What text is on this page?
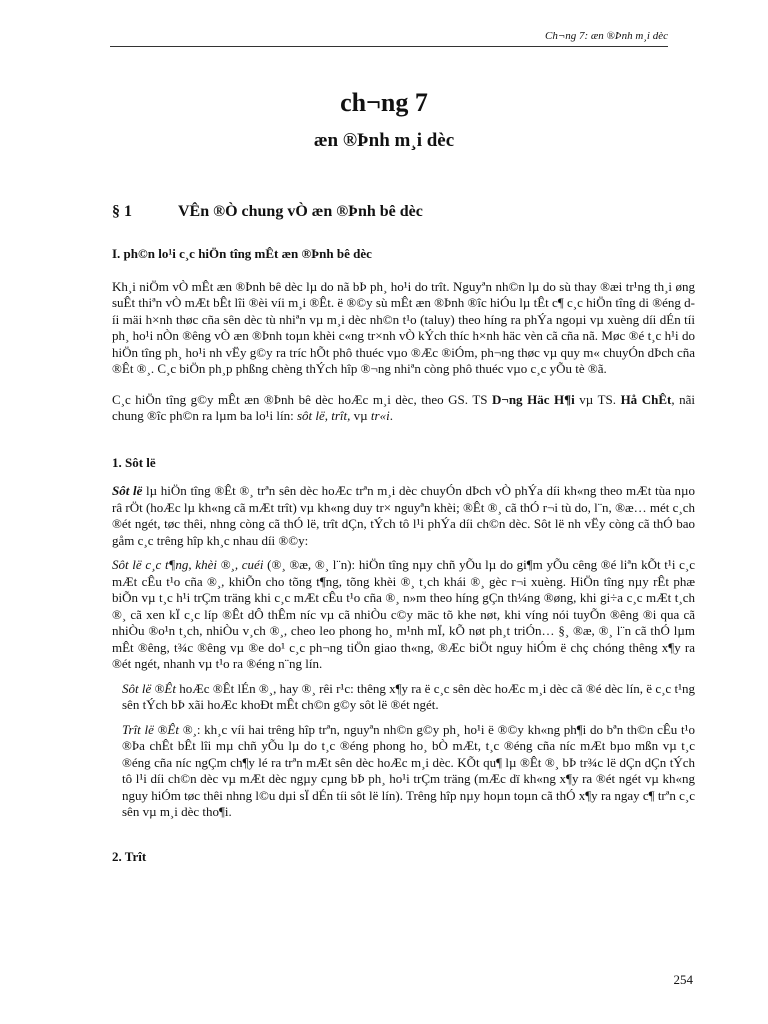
Ch¬ng 7: æn ®Þnh m¸i dèc
ch¬ng 7
æn ®Þnh m¸i dèc
§ 1	VÊn ®Ò chung vÒ æn ®Þnh bê dèc
I. ph©n lo¹i c¸c hiÖn tîng mÊt æn ®Þnh bê dèc

Kh¸i niÖm vÒ mÊt æn ®Þnh bê dèc lµ do nã bÞ ph¸ ho¹i do trît. Nguyªn nh©n lµ do sù thay ®æi tr¹ng th¸i øng suÊt thiªn vÒ mÆt bÊt lîi ®èi víi m¸i ®Êt. ë ®©y sù mÊt æn ®Þnh ®îc hiÓu lµ tÊt c¶ c¸c hiÖn tîng di ®éng díi mäi h×nh thøc cña sên dèc tù nhiªn vµ m¸i dèc nh©n t¹o (taluy) theo híng ra phÝa ngoµi vµ xuèng díi dÉn tíi ph¸ ho¹i nÒn ®êng vÒ æn ®Þnh toµn khèi c«ng tr×nh vÒ kÝch thíc h×nh häc vèn cã cña nã. Møc ®é t¸c h¹i do hiÖn tîng ph¸ ho¹i nh vËy g©y ra tríc hÕt phô thuéc vµo ®Æc ®iÓm, ph¬ng thøc vµ quy m« chuyÓn dÞch cña ®Êt ®¸. C¸c biÖn ph¸p phßng chèng thÝch hîp ®¬ng nhiªn còng phô thuéc vµo c¸c yÕu tè ®ã.

C¸c hiÖn tîng g©y mÊt æn ®Þnh bê dèc hoÆc m¸i dèc, theo GS. TS D¬ng Häc H¶i vµ TS. Hå ChÊt, nãi chung ®îc ph©n ra lµm ba lo¹i lín: sôt lë, trît, vµ tr«i.

1. Sôt lë

Sôt lë lµ hiÖn tîng ®Êt ®¸ trªn sên dèc hoÆc trªn m¸i dèc chuyÓn dÞch vÒ phÝa díi kh«ng theo mÆt tùa nµo râ rÖt (hoÆc lµ kh«ng cã mÆt trît) vµ kh«ng duy tr× nguyªn khèi; ®Êt ®¸ cã thÓ r¬i tù do, l¨n, ®æ… mét c¸ch ®ét ngét, tøc thêi, nhng còng cã thÓ lë, trît dÇn, tÝch tô l¹i phÝa díi ch©n dèc. Sôt lë nh vËy còng cã thÓ bao gåm c¸c trêng hîp kh¸c nhau díi ®©y:

Sôt lë c¸c t¶ng, khèi ®¸, cuéi (®¸ ®æ, ®¸ l¨n): hiÖn tîng nµy chñ yÕu lµ do gi¶m yÕu cêng ®é liªn kÕt t¹i c¸c mÆt cÊu t¹o cña ®¸, khiÕn cho tõng t¶ng, tõng khèi ®¸ t¸ch khái ®¸ gèc r¬i xuèng. HiÖn tîng nµy rÊt phæ biÕn vµ t¸c h¹i trÇm träng khi c¸c mÆt cÊu t¹o cña ®¸ n»m theo híng gÇn th¼ng ®øng, khi gi÷a c¸c mÆt t¸ch ®¸ cã xen kÏ c¸c líp ®Êt dÔ thÊm níc vµ cã nhiÒu c©y mäc tõ khe nøt, khi víng nói tuyÕn ®êng ®i qua cã nhiÒu ®o¹n t¸ch, nhiÒu v¸ch ®¸, cheo leo phong ho¸ m¹nh mÏ, kÕ nøt ph¸t triÓn… §¸ ®æ, ®¸ l¨n cã thÓ lµm mÊt ®êng, t¾c ®êng vµ ®e do¹ c¸c ph¬ng tiÖn giao th«ng, ®Æc biÖt nguy hiÓm ë chç chóng thêng x¶y ra ®ét ngét, nhanh vµ t¹o ra ®éng n¨ng lín.

Sôt lë ®Êt hoÆc ®Êt lÉn ®¸, hay ®¸ rêi r¹c: thêng x¶y ra ë c¸c sên dèc hoÆc m¸i dèc cã ®é dèc lín, ë c¸c t¹ng sên tÝch bÞ xãi hoÆc khoÐt mÊt ch©n g©y sôt lë ®ét ngét.

Trît lë ®Êt ®¸: kh¸c víi hai trêng hîp trªn, nguyªn nh©n g©y ph¸ ho¹i ë ®©y kh«ng ph¶i do bªn th©n cÊu t¹o ®Þa chÊt bÊt lîi mµ chñ yÕu lµ do t¸c ®éng phong ho¸ bÒ mÆt, t¸c ®éng cña níc mÆt bµo mßn vµ t¸c ®éng cña níc ngÇm ch¶y lé ra trªn mÆt sên dèc hoÆc m¸i dèc. KÕt qu¶ lµ ®Êt ®¸ bÞ tr¾c lë dÇn dÇn tÝch tô l¹i díi ch©n dèc vµ mÆt dèc ngµy cµng bÞ ph¸ ho¹i trÇm träng (mÆc dï kh«ng x¶y ra ®ét ngét vµ kh«ng nguy hiÓm tøc thêi nhng l©u dµi sÏ dÉn tíi sôt lë lín). Trêng hîp nµy hoµn toµn cã thÓ x¶y ra ngay c¶ trªn c¸c sên vµ m¸i dèc tho¶i.

2. Trît
254
